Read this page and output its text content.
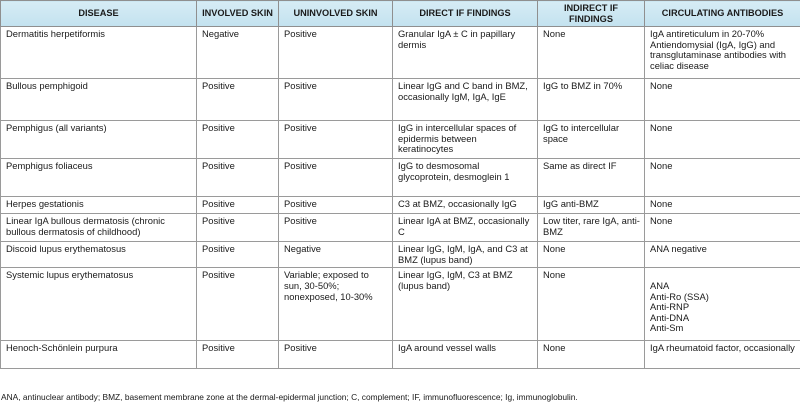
DISEASE	INVOLVED SKIN	UNINVOLVED SKIN	DIRECT IF FINDINGS	INDIRECT IF FINDINGS	CIRCULATING ANTIBODIES
Dermatitis herpetiformis	Negative	Positive	Granular IgA ± C in papillary dermis	None	IgA antireticulum in 20-70%
Antiendomysial (IgA, IgG) and transglutaminase antibodies with celiac disease

Bullous pemphigoid	Positive	Positive	Linear IgG and C band in BMZ, occasionally IgM, IgA, IgE	IgG to BMZ in 70%	None

Pemphigus (all variants)	Positive	Positive	IgG in intercellular spaces of epidermis between keratinocytes	IgG to intercellular space	None

Pemphigus foliaceus	Positive	Positive	IgG to desmosomal glycoprotein, desmoglein 1	Same as direct IF	None

Herpes gestationis	Positive	Positive	C3 at BMZ, occasionally IgG	IgG anti-BMZ	None

Linear IgA bullous dermatosis (chronic bullous dermatosis of childhood)	Positive	Positive	Linear IgA at BMZ, occasionally C	Low titer, rare IgA, anti-BMZ	None

Discoid lupus erythematosus	Positive	Negative	Linear IgG, IgM, IgA, and C3 at BMZ (lupus band)	None	ANA negative

Systemic lupus erythematosus	Positive	Variable; exposed to sun, 30-50%; nonexposed, 10-30%	Linear IgG, IgM, C3 at BMZ (lupus band)	None	ANA
Anti-Ro (SSA)
Anti-RNP
Anti-DNA
Anti-Sm

Henoch-Schönlein purpura	Positive	Positive	IgA around vessel walls	None	IgA rheumatoid factor, occasionally
ANA, antinuclear antibody; BMZ, basement membrane zone at the dermal-epidermal junction; C, complement; IF, immunofluorescence; Ig, immunoglobulin.
